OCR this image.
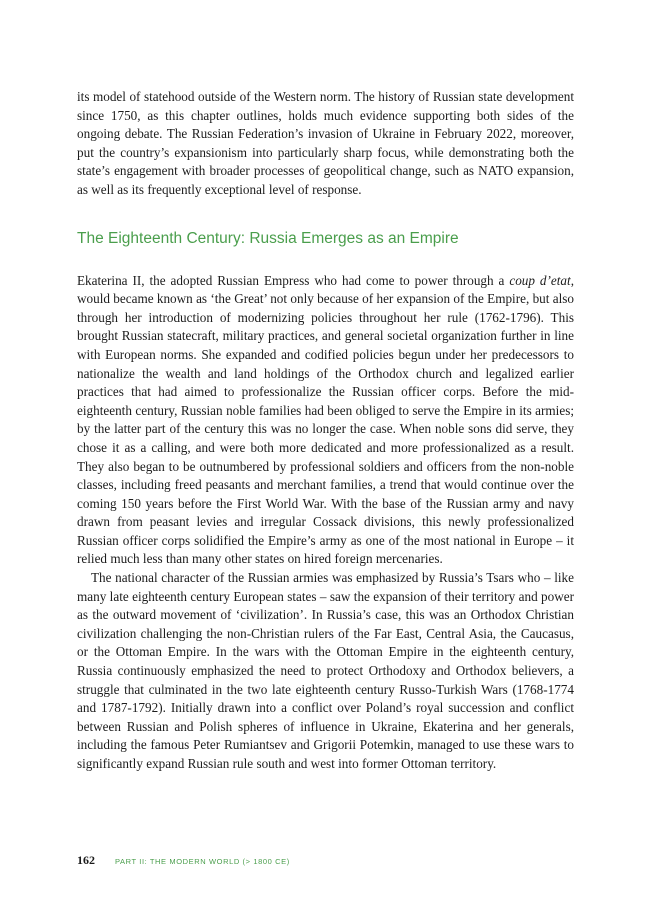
its model of statehood outside of the Western norm. The history of Russian state development since 1750, as this chapter outlines, holds much evidence supporting both sides of the ongoing debate. The Russian Federation’s invasion of Ukraine in February 2022, moreover, put the country’s expansionism into particularly sharp focus, while demonstrating both the state’s engagement with broader processes of geopolitical change, such as NATO expansion, as well as its frequently exceptional level of response.

The Eighteenth Century: Russia Emerges as an Empire

Ekaterina II, the adopted Russian Empress who had come to power through a coup d’etat, would became known as ‘the Great’ not only because of her expansion of the Empire, but also through her introduction of modernizing policies throughout her rule (1762-1796). This brought Russian statecraft, military practices, and general societal organization further in line with European norms. She expanded and codified policies begun under her predecessors to nationalize the wealth and land holdings of the Orthodox church and legalized earlier practices that had aimed to professionalize the Russian officer corps. Before the mid-eighteenth century, Russian noble families had been obliged to serve the Empire in its armies; by the latter part of the century this was no longer the case. When noble sons did serve, they chose it as a calling, and were both more dedicated and more professionalized as a result. They also began to be outnumbered by professional soldiers and officers from the non-noble classes, including freed peasants and merchant families, a trend that would continue over the coming 150 years before the First World War. With the base of the Russian army and navy drawn from peasant levies and irregular Cossack divisions, this newly professionalized Russian officer corps solidified the Empire’s army as one of the most national in Europe – it relied much less than many other states on hired foreign mercenaries.

The national character of the Russian armies was emphasized by Russia’s Tsars who – like many late eighteenth century European states – saw the expansion of their territory and power as the outward movement of ‘civilization’. In Russia’s case, this was an Orthodox Christian civilization challenging the non-Christian rulers of the Far East, Central Asia, the Caucasus, or the Ottoman Empire. In the wars with the Ottoman Empire in the eighteenth century, Russia continuously emphasized the need to protect Orthodoxy and Orthodox believers, a struggle that culminated in the two late eighteenth century Russo-Turkish Wars (1768-1774 and 1787-1792). Initially drawn into a conflict over Poland’s royal succession and conflict between Russian and Polish spheres of influence in Ukraine, Ekaterina and her generals, including the famous Peter Rumiantsev and Grigorii Potemkin, managed to use these wars to significantly expand Russian rule south and west into former Ottoman territory.

162	PART II: THE MODERN WORLD (> 1800 CE)
